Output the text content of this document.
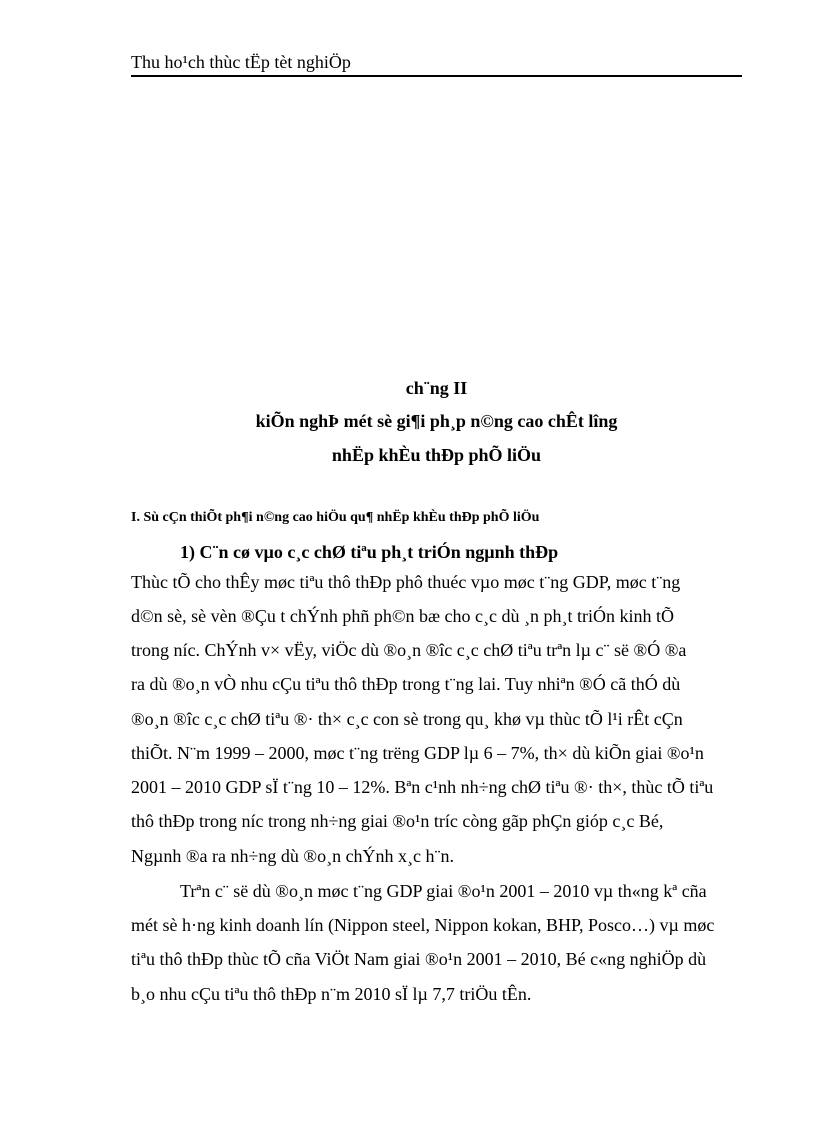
Thu ho¹ch thùc tËp tèt nghiÖp
ch¨ng II
kiÕn nghÞ mét sè gi¶i ph¸p n©ng cao chÊt lîng
nhËp khÈu thÐp phÕ liÖu
I. Sù cÇn thiÕt ph¶i n©ng cao hiÖu qu¶ nhËp khÈu thÐp phÕ liÖu
1) C¨n cø vµo c¸c chØ tiªu ph¸t triÓn ngµnh thÐp
Thùc tÕ cho thÊy møc tiªu thô thÐp phô thuéc vµo møc t¨ng GDP, møc t¨ng
d©n sè, sè vèn ®Çu t chÝnh phñ ph©n bæ cho c¸c dù ¸n ph¸t triÓn kinh tÕ
trong níc. ChÝnh v× vËy, viÖc dù ®o¸n ®îc c¸c chØ tiªu trªn lµ c¨ së ®Ó ®a
ra dù ®o¸n vÒ nhu cÇu tiªu thô thÐp trong t¨ng lai. Tuy nhiªn ®Ó cã thÓ dù
®o¸n ®îc c¸c chØ tiªu ®· th× c¸c con sè trong qu¸ khø vµ thùc tÕ l¹i rÊt cÇn
thiÕt. N¨m 1999 – 2000, møc t¨ng trëng GDP lµ 6 – 7%, th× dù kiÕn giai ®o¹n
2001 – 2010 GDP sÏ t¨ng 10 – 12%. Bªn c¹nh nh÷ng chØ tiªu ®· th×, thùc tÕ tiªu
thô thÐp trong níc trong nh÷ng giai ®o¹n tríc còng gãp phÇn gióp c¸c Bé,
Ngµnh ®a ra nh÷ng dù ®o¸n chÝnh x¸c h¨n.
Trªn c¨ së dù ®o¸n møc t¨ng GDP giai ®o¹n 2001 – 2010 vµ th«ng kª cña
mét sè h·ng kinh doanh lín (Nippon steel, Nippon kokan, BHP, Posco…) vµ møc
tiªu thô thÐp thùc tÕ cña ViÖt Nam giai ®o¹n 2001 – 2010, Bé c«ng nghiÖp dù
b¸o nhu cÇu tiªu thô thÐp n¨m 2010 sÏ lµ 7,7 triÖu tÊn.
